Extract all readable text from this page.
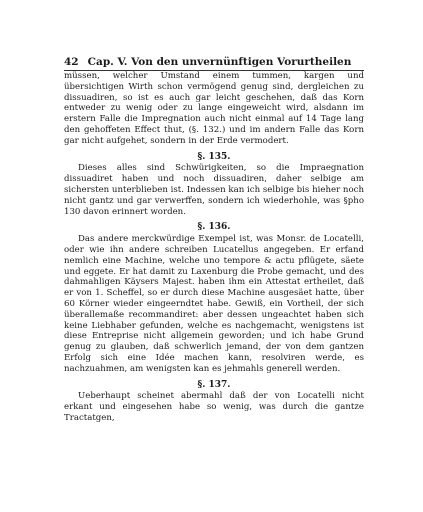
42 Cap. V. Von den unvernünftigen Vorurtheilen

müssen, welcher Umstand einem tummen, kargen und übersichtigen Wirth schon vermögend genug sind, dergleichen zu dissuadiren, so ist es auch gar leicht geschehen, daß das Korn entweder zu wenig oder zu lange eingeweicht wird, alsdann im erstern Falle die Impregnation auch nicht einmal auf 14 Tage lang den gehoffeten Effect thut, (§. 132.) und im andern Falle das Korn gar nicht aufgehet, sondern in der Erde vermodert.

§. 135.

Dieses alles sind Schwürigkeiten, so die Impraegnation dissuadiret haben und noch dissuadiren, daher selbige am sichersten unterblieben ist. Indessen kan ich selbige bis hieher noch nicht gantz und gar verwerffen, sondern ich wiederhohle, was §pho 130 davon erinnert worden.

§. 136.

Das andere merckwürdige Exempel ist, was Monsr. de Locatelli, oder wie ihn andere schreiben Lucatellus angegeben. Er erfand nemlich eine Machine, welche uno tempore & actu pflügete, säete und eggete. Er hat damit zu Laxenburg die Probe gemacht, und des dahmahligen Käysers Majest. haben ihm ein Attestat ertheilet, daß er von 1. Scheffel, so er durch diese Machine ausgesäet hatte, über 60 Körner wieder eingeerndtet habe. Gewiß, ein Vortheil, der sich überallemaße recommandiret: aber dessen ungeachtet haben sich keine Liebhaber gefunden, welche es nachgemacht, wenigstens ist diese Entreprise nicht allgemein geworden; und ich habe Grund genug zu glauben, daß schwerlich jemand, der von dem gantzen Erfolg sich eine Idée machen kann, resolviren werde, es nachzuahmen, am wenigsten kan es jehmahls generell werden.

§. 137.

Ueberhaupt scheinet abermahl daß der von Locatelli nicht erkant und eingesehen habe so wenig, was durch die gantze Tractatgen,
